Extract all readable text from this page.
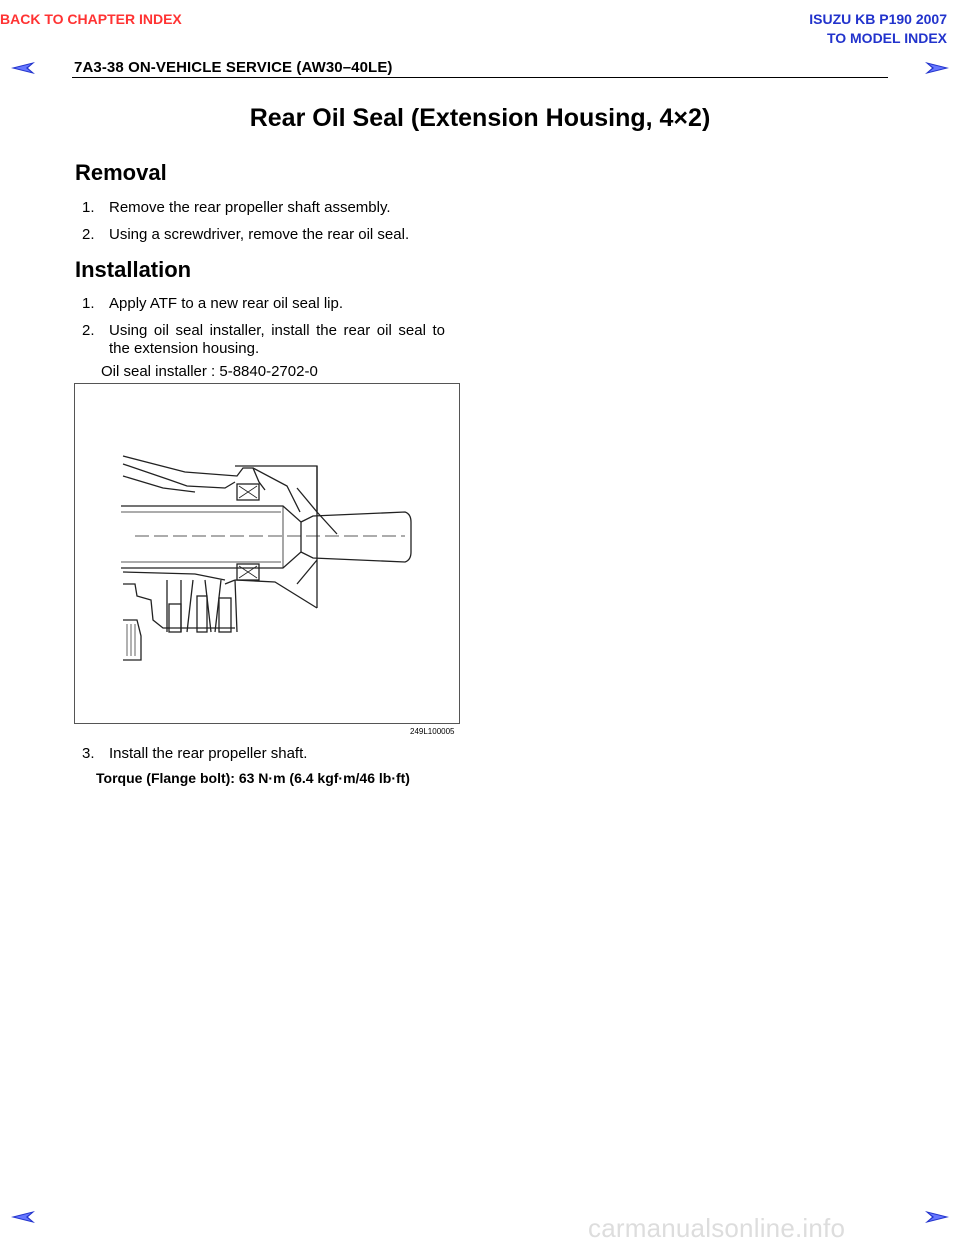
BACK TO CHAPTER INDEX	ISUZU KB P190 2007
TO MODEL INDEX
7A3-38 ON-VEHICLE SERVICE (AW30–40LE)
Rear Oil Seal (Extension Housing, 4×2)
Removal
1. Remove the rear propeller shaft assembly.
2. Using a screwdriver, remove the rear oil seal.
Installation
1. Apply ATF to a new rear oil seal lip.
2. Using oil seal installer, install the rear oil seal to the extension housing.
Oil seal installer : 5-8840-2702-0
249L100005
3. Install the rear propeller shaft.
Torque (Flange bolt): 63 N·m (6.4 kgf·m/46 lb·ft)
carmanualsonline.info
